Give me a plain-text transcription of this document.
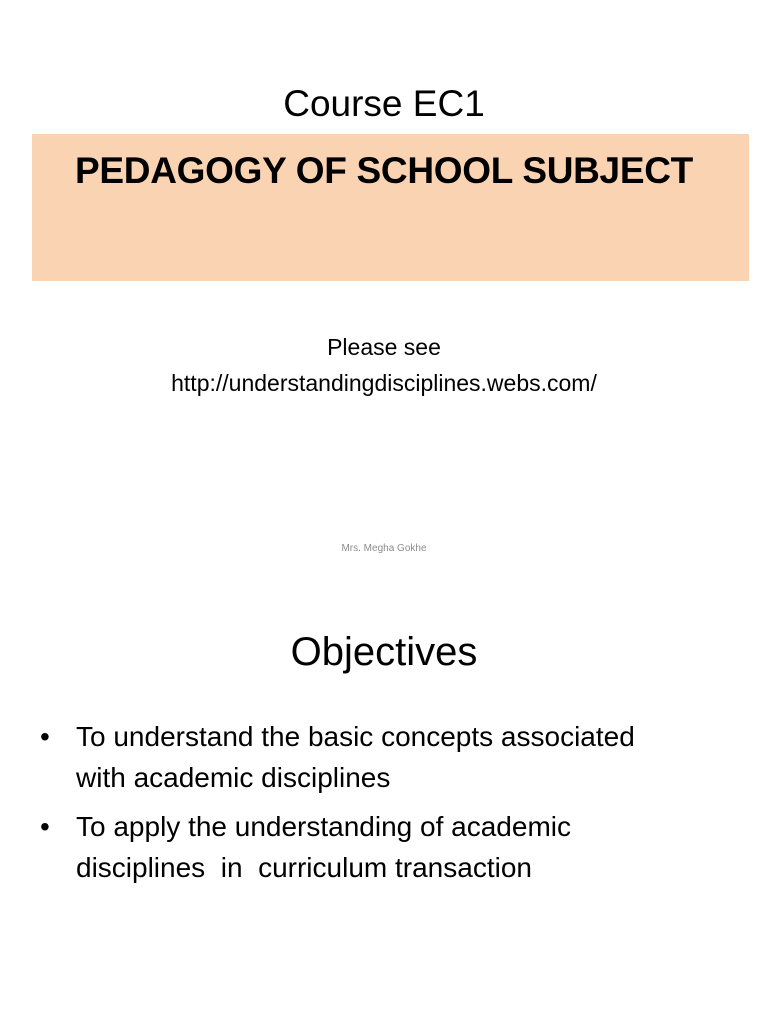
Course EC1
PEDAGOGY OF SCHOOL SUBJECT
Please see
http://understandingdisciplines.webs.com/
Mrs. Megha Gokhe
Objectives
• To understand the basic concepts associated
with academic disciplines
• To apply the understanding of academic
disciplines  in  curriculum transaction
